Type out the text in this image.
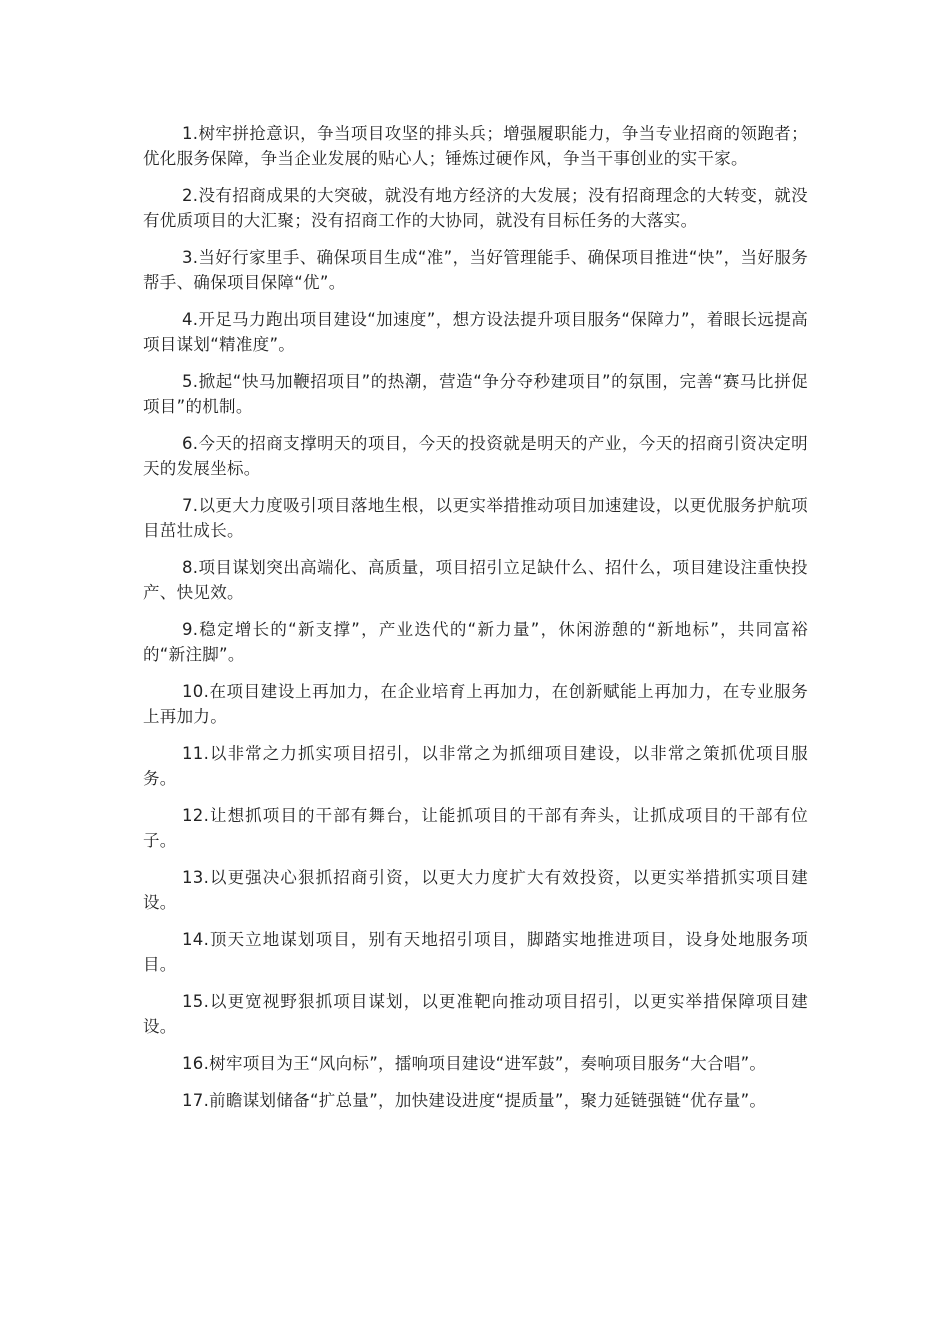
1.树牢拼抢意识，争当项目攻坚的排头兵；增强履职能力，争当专业招商的领跑者；优化服务保障，争当企业发展的贴心人；锤炼过硬作风，争当干事创业的实干家。

2.没有招商成果的大突破，就没有地方经济的大发展；没有招商理念的大转变，就没有优质项目的大汇聚；没有招商工作的大协同，就没有目标任务的大落实。

3.当好行家里手、确保项目生成“准”，当好管理能手、确保项目推进“快”，当好服务帮手、确保项目保障“优”。

4.开足马力跑出项目建设“加速度”，想方设法提升项目服务“保障力”，着眼长远提高项目谋划“精准度”。

5.掀起“快马加鞭招项目”的热潮，营造“争分夺秒建项目”的氛围，完善“赛马比拼促项目”的机制。

6.今天的招商支撑明天的项目，今天的投资就是明天的产业，今天的招商引资决定明天的发展坐标。

7.以更大力度吸引项目落地生根，以更实举措推动项目加速建设，以更优服务护航项目茁壮成长。

8.项目谋划突出高端化、高质量，项目招引立足缺什么、招什么，项目建设注重快投产、快见效。

9.稳定增长的“新支撑”，产业迭代的“新力量”，休闲游憩的“新地标”，共同富裕的“新注脚”。

10.在项目建设上再加力，在企业培育上再加力，在创新赋能上再加力，在专业服务上再加力。

11.以非常之力抓实项目招引，以非常之为抓细项目建设，以非常之策抓优项目服务。

12.让想抓项目的干部有舞台，让能抓项目的干部有奔头，让抓成项目的干部有位子。

13.以更强决心狠抓招商引资，以更大力度扩大有效投资，以更实举措抓实项目建设。

14.顶天立地谋划项目，别有天地招引项目，脚踏实地推进项目，设身处地服务项目。

15.以更宽视野狠抓项目谋划，以更准靶向推动项目招引，以更实举措保障项目建设。

16.树牢项目为王“风向标”，擂响项目建设“进军鼓”，奏响项目服务“大合唱”。

17.前瞻谋划储备“扩总量”，加快建设进度“提质量”，聚力延链强链“优存量”。
